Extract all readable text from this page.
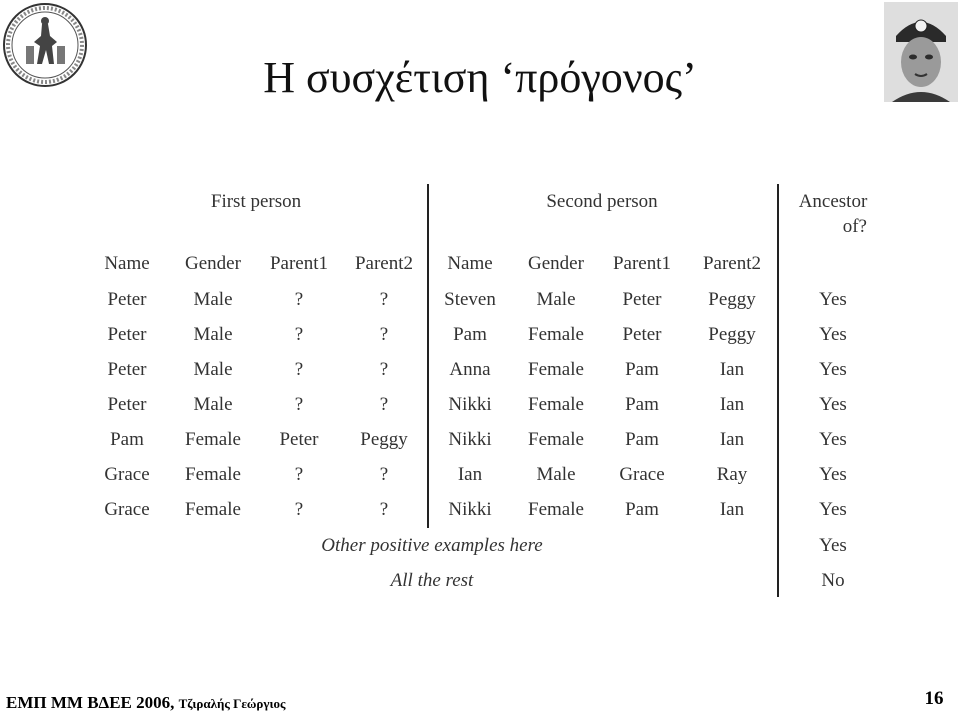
Η συσχέτιση ‘πρόγονος’
First person	Second person	Ancestor
of?
Name	Gender	Parent1	Parent2	Name	Gender	Parent1	Parent2
Peter	Male	?	?	Steven	Male	Peter	Peggy	Yes
Peter	Male	?	?	Pam	Female	Peter	Peggy	Yes
Peter	Male	?	?	Anna	Female	Pam	Ian	Yes
Peter	Male	?	?	Nikki	Female	Pam	Ian	Yes
Pam	Female	Peter	Peggy	Nikki	Female	Pam	Ian	Yes
Grace	Female	?	?	Ian	Male	Grace	Ray	Yes
Grace	Female	?	?	Nikki	Female	Pam	Ian	Yes
Other positive examples here	Yes
All the rest	No
ΕΜΠ ΜΜ ΒΔΕΕ 2006, Τζιραλής Γεώργιος	16
